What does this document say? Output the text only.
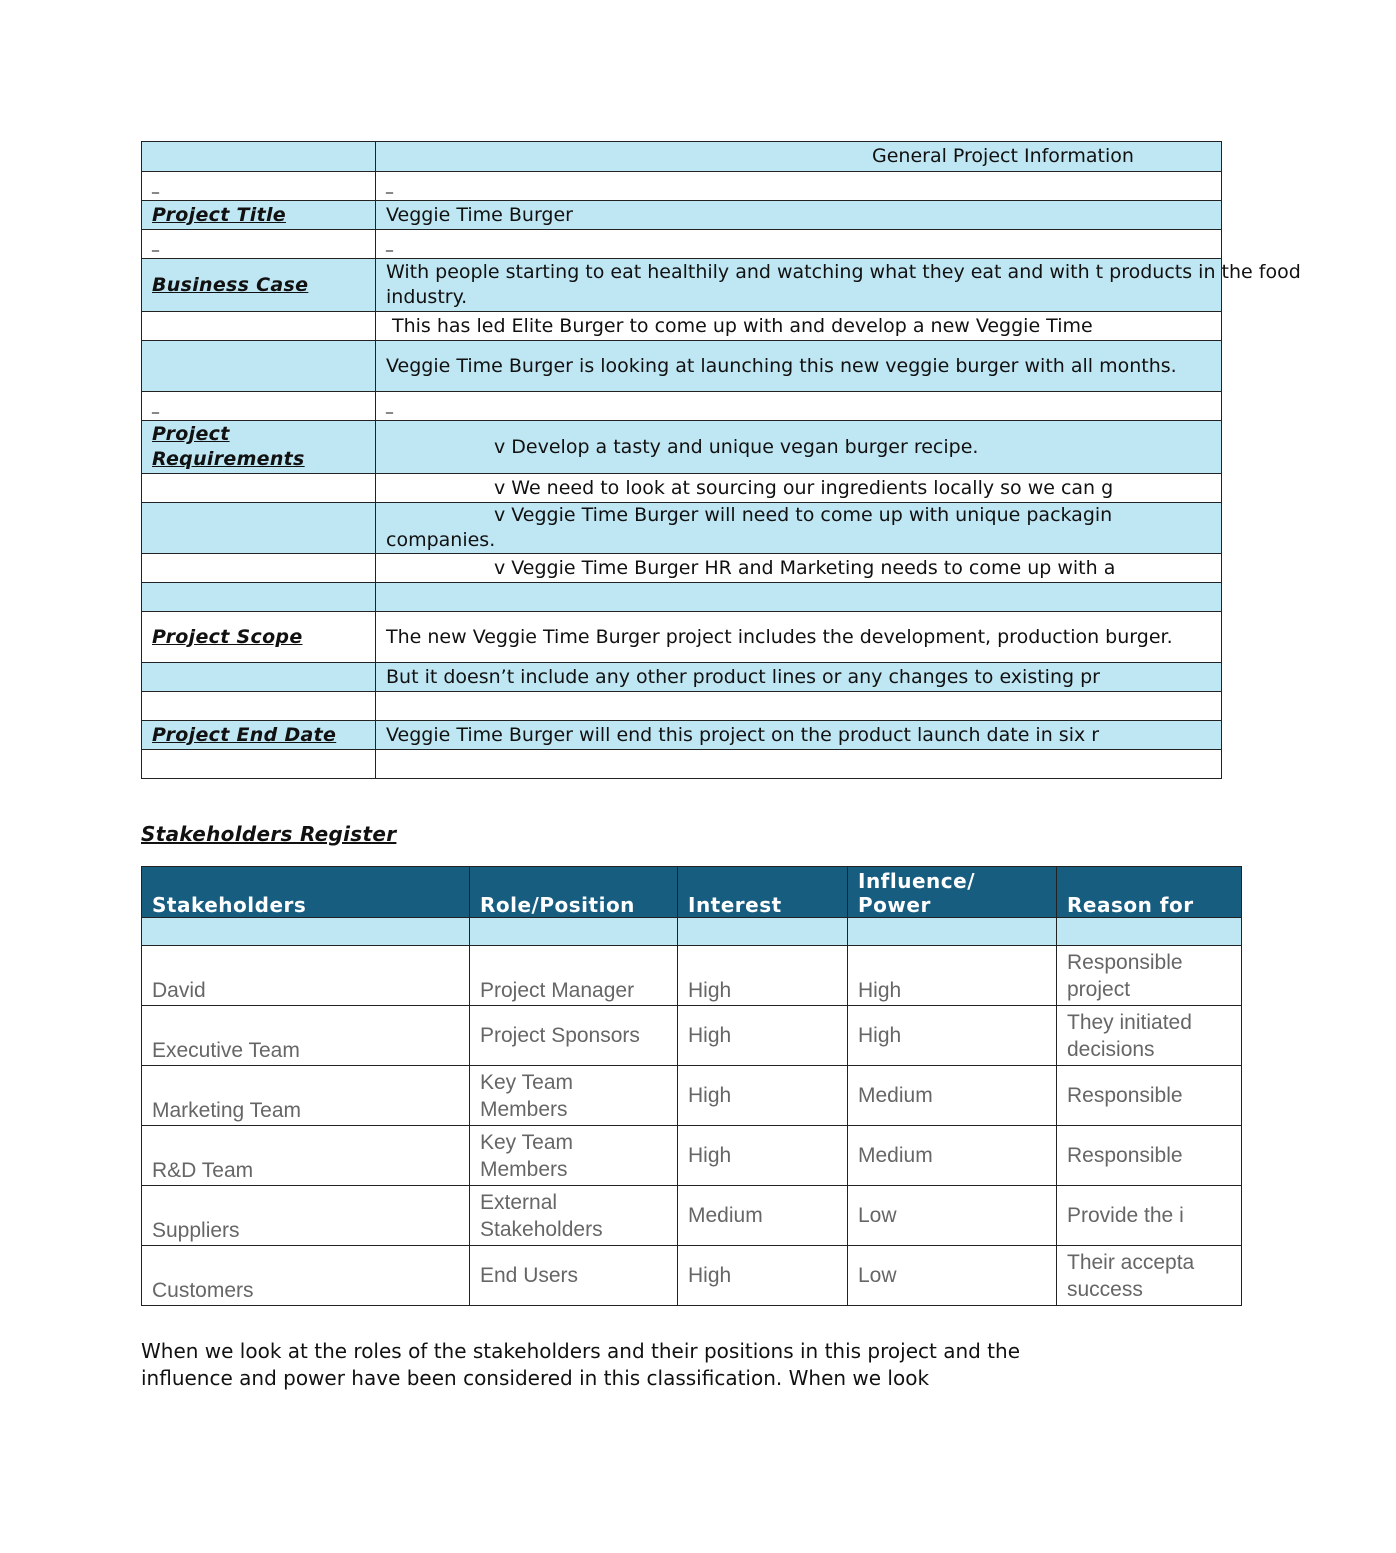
	General Project Information
_	_
Project Title	Veggie Time Burger
_	_
Business Case	With people starting to eat healthily and watching what they eat and with t products in the food industry.

	This has led Elite Burger to come up with and develop a new Veggie Time

	Veggie Time Burger is looking at launching this new veggie burger with all months.

_	_
Project Requirements	v Develop a tasty and unique vegan burger recipe.
	v We need to look at sourcing our ingredients locally so we can g

	v Veggie Time Burger will need to come up with unique packagin
companies.

	v Veggie Time Burger HR and Marketing needs to come up with a

Project Scope	The new Veggie Time Burger project includes the development, production burger.

	But it doesn’t include any other product lines or any changes to existing pr

Project End Date	Veggie Time Burger will end this project on the product launch date in six r

Stakeholders Register
Stakeholders	Role/Position	Interest	Influence/ Power	Reason for

David	Project Manager	High	High	Responsible project

Executive Team	Project Sponsors	High	High	They initiated decisions

Marketing Team	Key Team Members	High	Medium	Responsible
R&D Team	Key Team Members	High	Medium	Responsible
Suppliers	External Stakeholders	Medium	Low	Provide the i
Customers	End Users	High	Low	Their accepta success
When we look at the roles of the stakeholders and their positions in this project and the influence and power have been considered in this classification. When we look
